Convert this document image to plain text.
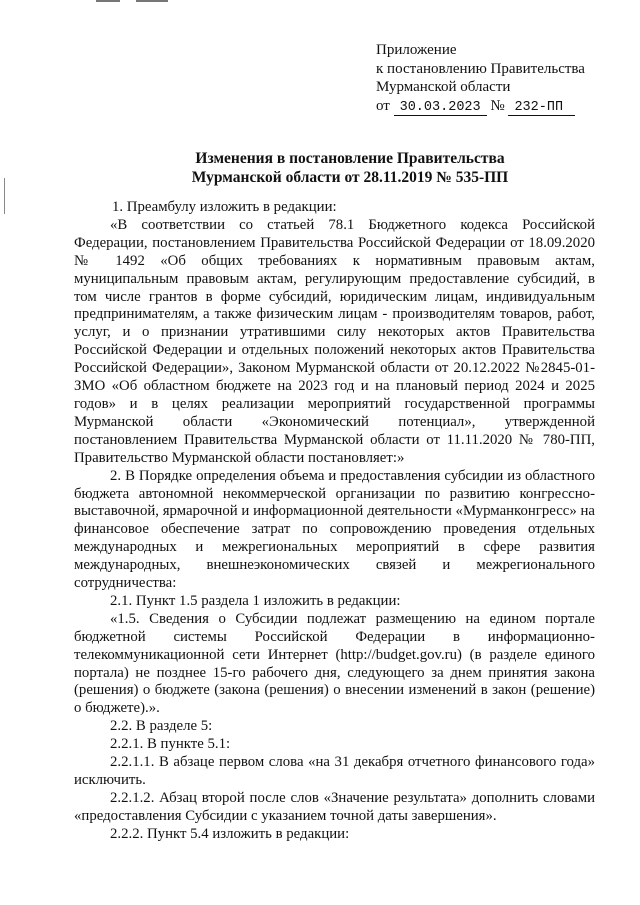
Приложение
к постановлению Правительства
Мурманской области
от 30.03.2023 № 232-ПП
Изменения в постановление Правительства
Мурманской области от 28.11.2019 № 535-ПП

1. Преамбулу изложить в редакции:

«В соответствии со статьей 78.1 Бюджетного кодекса Российской Федерации, постановлением Правительства Российской Федерации от 18.09.2020 № 1492 «Об общих требованиях к нормативным правовым актам, муниципальным правовым актам, регулирующим предоставление субсидий, в том числе грантов в форме субсидий, юридическим лицам, индивидуальным предпринимателям, а также физическим лицам - производителям товаров, работ, услуг, и о признании утратившими силу некоторых актов Правительства Российской Федерации и отдельных положений некоторых актов Правительства Российской Федерации», Законом Мурманской области от 20.12.2022 №2845-01-ЗМО «Об областном бюджете на 2023 год и на плановый период 2024 и 2025 годов» и в целях реализации мероприятий государственной программы Мурманской области «Экономический потенциал», утвержденной постановлением Правительства Мурманской области от 11.11.2020 № 780-ПП, Правительство Мурманской области постановляет:»

2. В Порядке определения объема и предоставления субсидии из областного бюджета автономной некоммерческой организации по развитию конгрессно-выставочной, ярмарочной и информационной деятельности «Мурманконгресс» на финансовое обеспечение затрат по сопровождению проведения отдельных международных и межрегиональных мероприятий в сфере развития международных, внешнеэкономических связей и межрегионального сотрудничества:

2.1. Пункт 1.5 раздела 1 изложить в редакции:

«1.5. Сведения о Субсидии подлежат размещению на едином портале бюджетной системы Российской Федерации в информационно-телекоммуникационной сети Интернет (http://budget.gov.ru) (в разделе единого портала) не позднее 15-го рабочего дня, следующего за днем принятия закона (решения) о бюджете (закона (решения) о внесении изменений в закон (решение) о бюджете).».

2.2. В разделе 5:

2.2.1. В пункте 5.1:

2.2.1.1. В абзаце первом слова «на 31 декабря отчетного финансового года» исключить.

2.2.1.2. Абзац второй после слов «Значение результата» дополнить словами «предоставления Субсидии с указанием точной даты завершения».

2.2.2. Пункт 5.4 изложить в редакции:
